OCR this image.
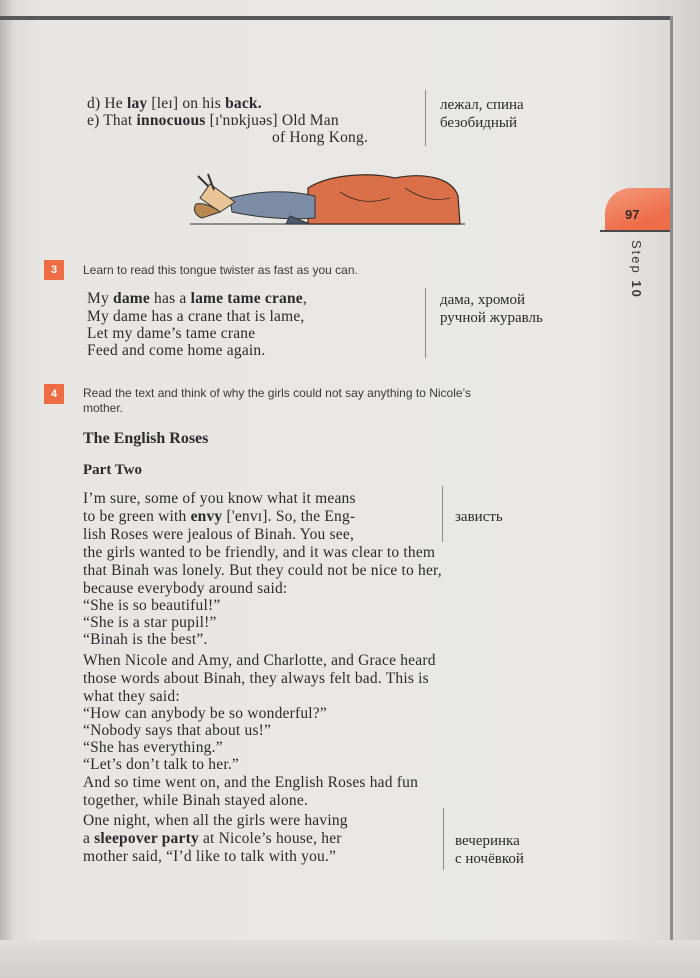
d) He lay [leɪ] on his back.
e) That innocuous [ɪ'nɒkjuəs] Old Man
of Hong Kong.
лежал, спина
безобидный
97
Step 10
3	Learn to read this tongue twister as fast as you can.
My dame has a lame tame crane,
My dame has a crane that is lame,
Let my dame’s tame crane
Feed and come home again.
дама, хромой
ручной журавль
4	Read the text and think of why the girls could not say anything to Nicole’s
mother.
The English Roses
Part Two
I’m sure, some of you know what it means
to be green with envy ['envɪ]. So, the Eng-
lish Roses were jealous of Binah. You see,
зависть
the girls wanted to be friendly, and it was clear to them
that Binah was lonely. But they could not be nice to her,
because everybody around said:
“She is so beautiful!”
“She is a star pupil!”
“Binah is the best”.
When Nicole and Amy, and Charlotte, and Grace heard
those words about Binah, they always felt bad. This is
what they said:
“How can anybody be so wonderful?”
“Nobody says that about us!”
“She has everything.”
“Let’s don’t talk to her.”
And so time went on, and the English Roses had fun
together, while Binah stayed alone.
One night, when all the girls were having
a sleepover party at Nicole’s house, her
mother said, “I’d like to talk with you.”
вечеринка
с ночёвкой
